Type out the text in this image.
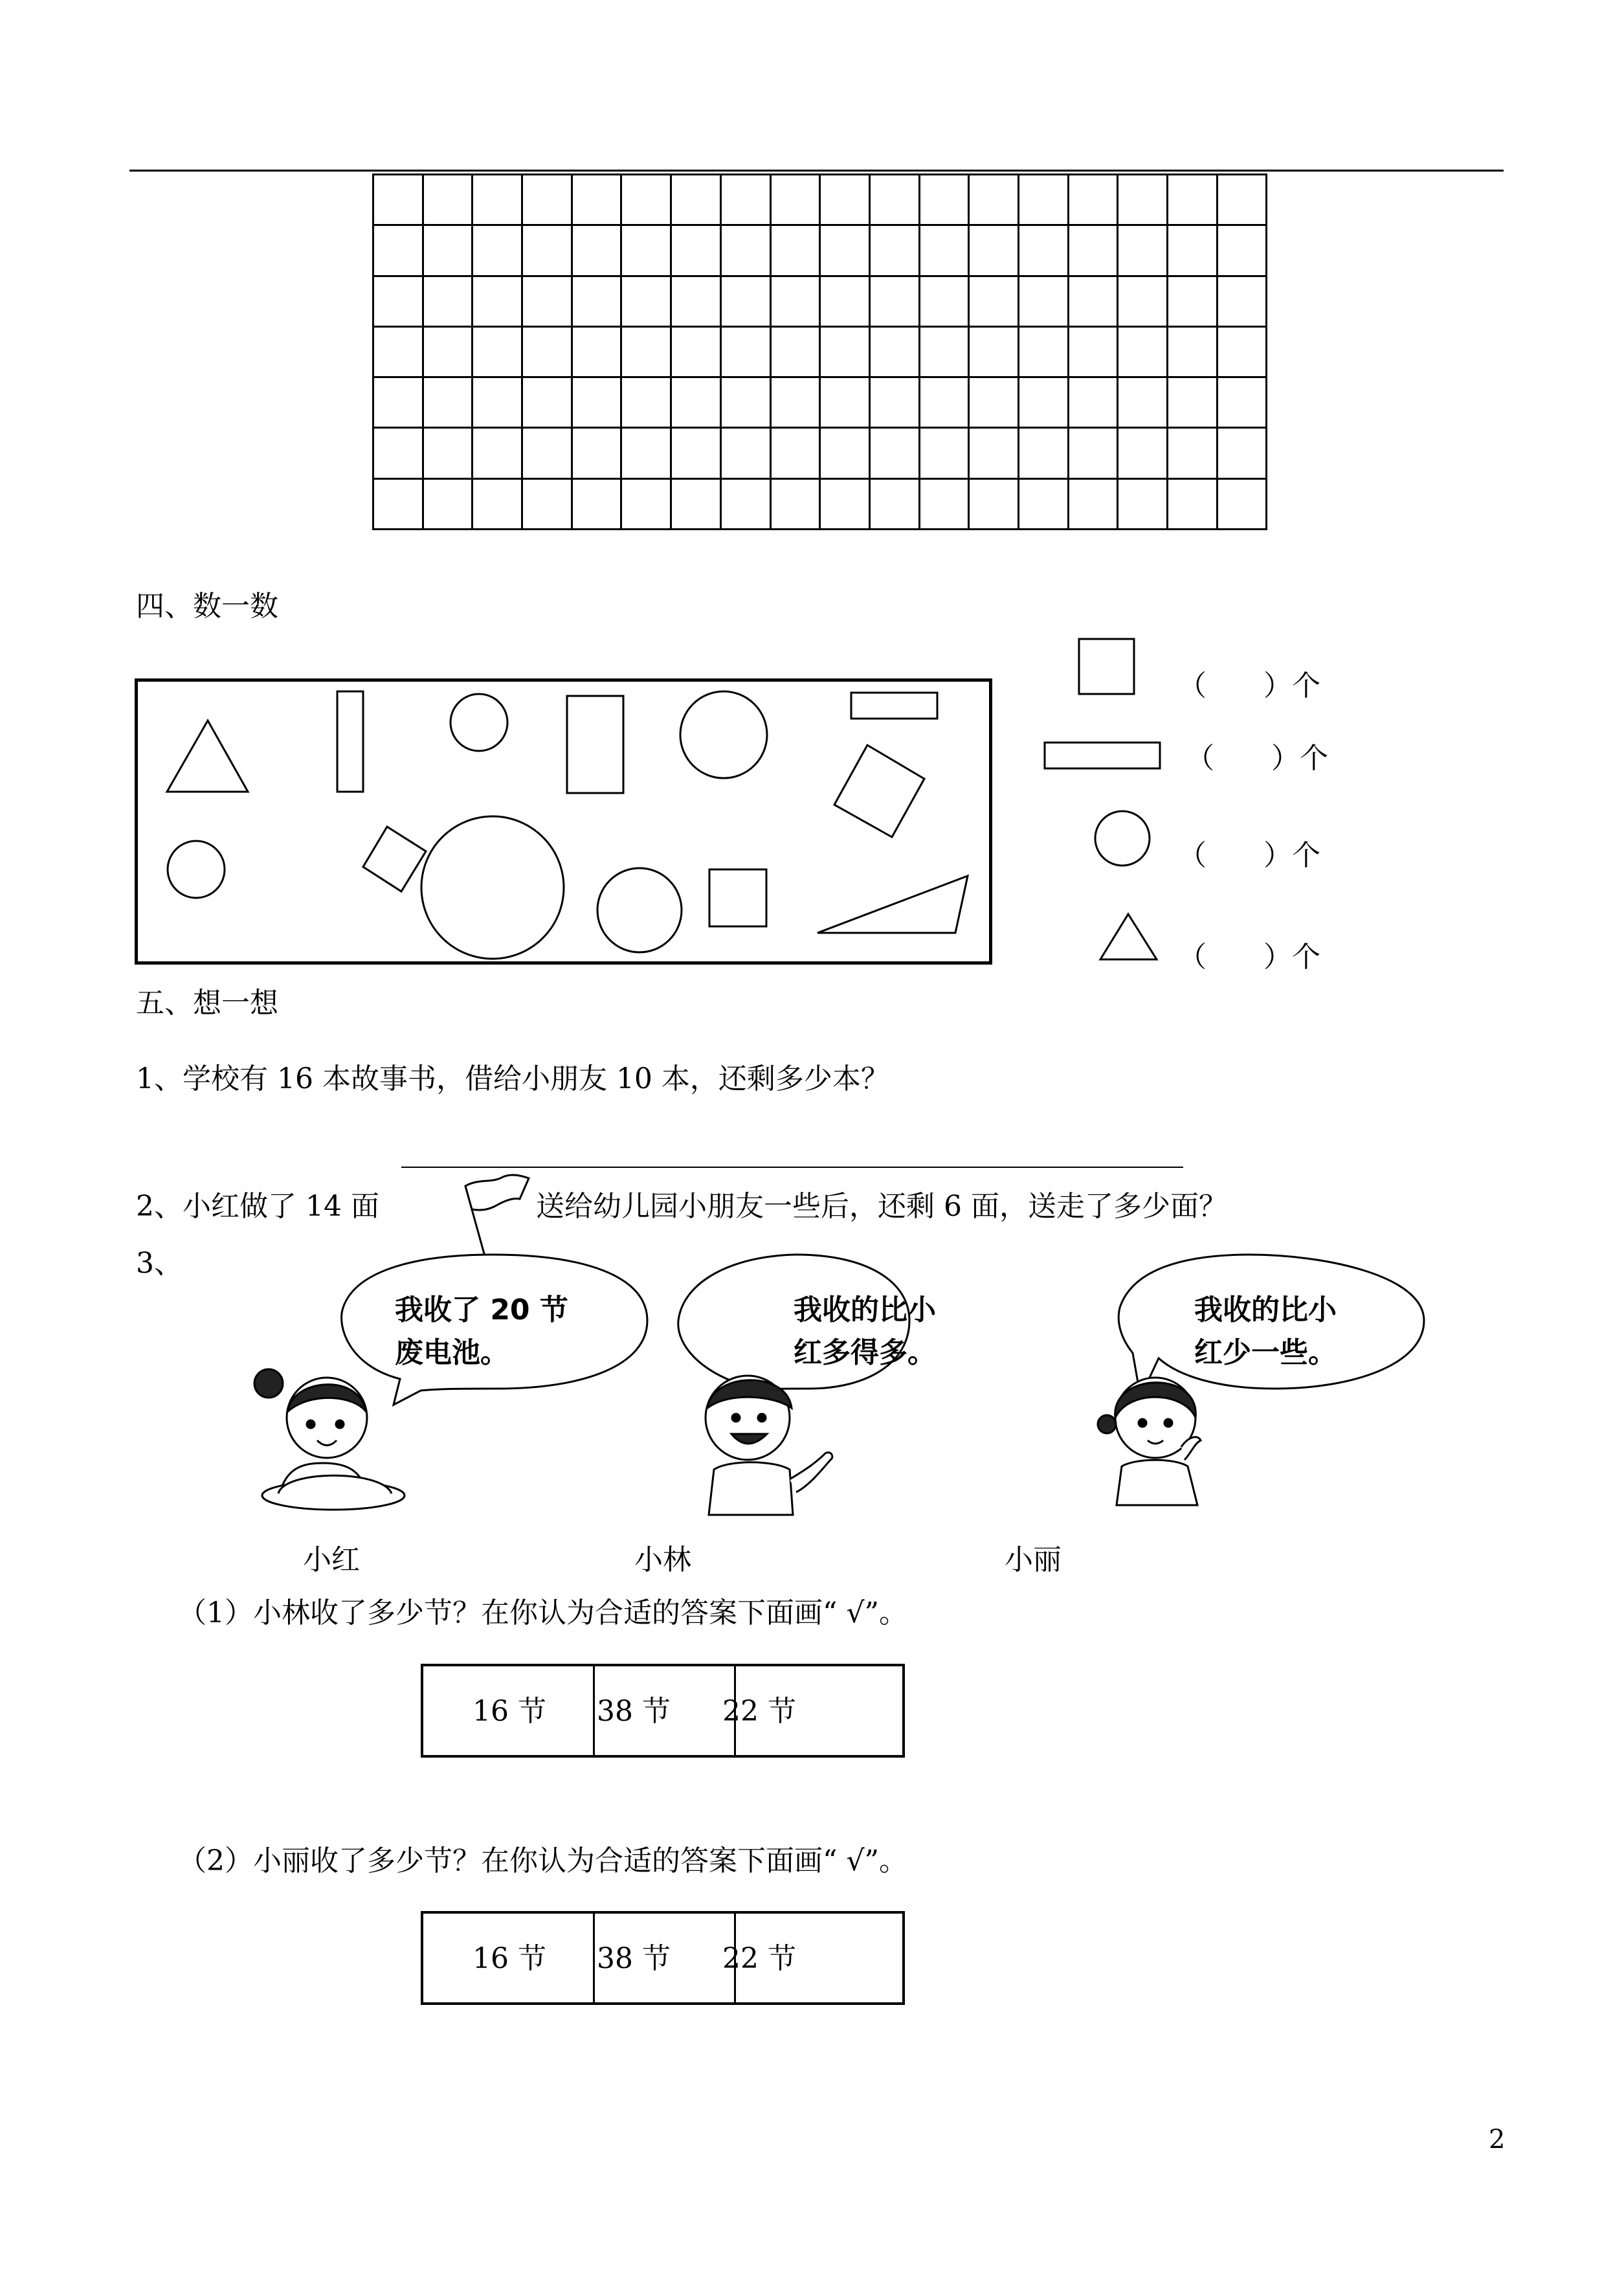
四、数一数
（　　）个
（　　）个
（　　）个
（　　）个
五、想一想
1、学校有 16 本故事书，借给小朋友 10 本，还剩多少本？
2、小红做了 14 面	送给幼儿园小朋友一些后，还剩 6 面，送走了多少面？
3、
我收了 20 节
废电池。
我收的比小
红多得多。
我收的比小
红少一些。
小红	小林	小丽
（1）小林收了多少节？在你认为合适的答案下面画“ √”。
16 节 38 节 22 节
（2）小丽收了多少节？在你认为合适的答案下面画“ √”。
16 节 38 节 22 节
2
